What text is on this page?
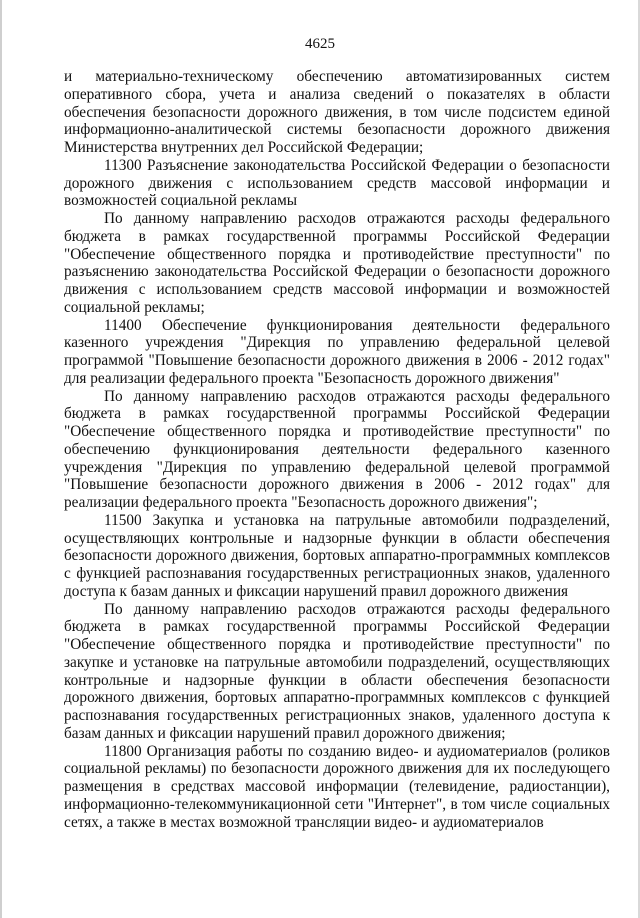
4625

и материально-техническому обеспечению автоматизированных систем оперативного сбора, учета и анализа сведений о показателях в области обеспечения безопасности дорожного движения, в том числе подсистем единой информационно-аналитической системы безопасности дорожного движения Министерства внутренних дел Российской Федерации;

11300 Разъяснение законодательства Российской Федерации о безопасности дорожного движения с использованием средств массовой информации и возможностей социальной рекламы

По данному направлению расходов отражаются расходы федерального бюджета в рамках государственной программы Российской Федерации "Обеспечение общественного порядка и противодействие преступности" по разъяснению законодательства Российской Федерации о безопасности дорожного движения с использованием средств массовой информации и возможностей социальной рекламы;

11400 Обеспечение функционирования деятельности федерального казенного учреждения "Дирекция по управлению федеральной целевой программой "Повышение безопасности дорожного движения в 2006 - 2012 годах" для реализации федерального проекта "Безопасность дорожного движения"

По данному направлению расходов отражаются расходы федерального бюджета в рамках государственной программы Российской Федерации "Обеспечение общественного порядка и противодействие преступности" по обеспечению функционирования деятельности федерального казенного учреждения "Дирекция по управлению федеральной целевой программой "Повышение безопасности дорожного движения в 2006 - 2012 годах" для реализации федерального проекта "Безопасность дорожного движения";

11500 Закупка и установка на патрульные автомобили подразделений, осуществляющих контрольные и надзорные функции в области обеспечения безопасности дорожного движения, бортовых аппаратно-программных комплексов с функцией распознавания государственных регистрационных знаков, удаленного доступа к базам данных и фиксации нарушений правил дорожного движения

По данному направлению расходов отражаются расходы федерального бюджета в рамках государственной программы Российской Федерации "Обеспечение общественного порядка и противодействие преступности" по закупке и установке на патрульные автомобили подразделений, осуществляющих контрольные и надзорные функции в области обеспечения безопасности дорожного движения, бортовых аппаратно-программных комплексов с функцией распознавания государственных регистрационных знаков, удаленного доступа к базам данных и фиксации нарушений правил дорожного движения;

11800 Организация работы по созданию видео- и аудиоматериалов (роликов социальной рекламы) по безопасности дорожного движения для их последующего размещения в средствах массовой информации (телевидение, радиостанции), информационно-телекоммуникационной сети "Интернет", в том числе социальных сетях, а также в местах возможной трансляции видео- и аудиоматериалов
